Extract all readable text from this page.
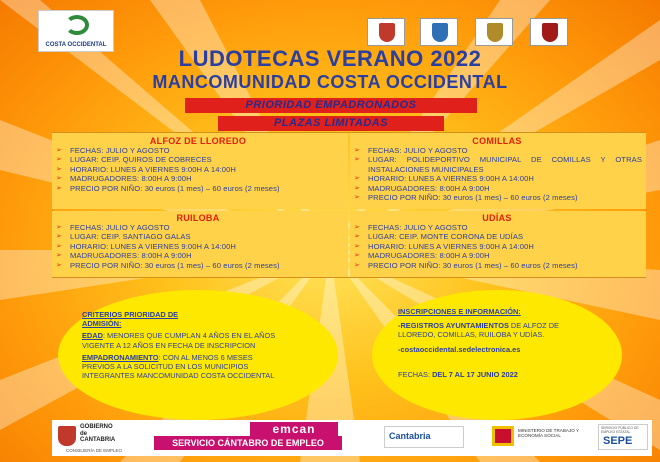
COSTA OCCIDENTAL
LUDOTECAS VERANO 2022
MANCOMUNIDAD COSTA OCCIDENTAL
PRIORIDAD EMPADRONADOS
PLAZAS LIMITADAS
ALFOZ DE LLOREDO
➢ FECHAS: JULIO Y AGOSTO
➢ LUGAR: CEIP. QUIROS DE COBRECES
➢ HORARIO: LUNES A VIERNES 9:00H A 14:00H
➢ MADRUGADORES: 8:00H A 9:00H
➢ PRECIO POR NIÑO: 30 euros (1 mes) – 60 euros (2 meses)
COMILLAS
➢ FECHAS: JULIO Y AGOSTO
➢ LUGAR: POLIDEPORTIVO MUNICIPAL DE COMILLAS Y OTRAS INSTALACIONES MUNICIPALES
➢ HORARIO: LUNES A VIERNES 9:00H A 14:00H
➢ MADRUGADORES: 8:00H A 9:00H
➢ PRECIO POR NIÑO: 30 euros (1 mes) – 60 euros (2 meses)
RUILOBA
➢ FECHAS: JULIO Y AGOSTO
➢ LUGAR: CEIP. SANTIAGO GALAS
➢ HORARIO: LUNES A VIERNES 9:00H A 14:00H
➢ MADRUGADORES: 8:00H A 9:00H
➢ PRECIO POR NIÑO: 30 euros (1 mes) – 60 euros (2 meses)
UDÍAS
➢ FECHAS: JULIO Y AGOSTO
➢ LUGAR: CEIP. MONTE CORONA DE UDÍAS
➢ HORARIO: LUNES A VIERNES 9:00H A 14:00H
➢ MADRUGADORES: 8:00H A 9:00H
➢ PRECIO POR NIÑO: 30 euros (1 mes) – 60 euros (2 meses)
CRITERIOS PRIORIDAD DE ADMISIÓN:
EDAD: MENORES QUE CUMPLAN 4 AÑOS EN EL AÑOS VIGENTE A 12 AÑOS EN FECHA DE INSCRIPCION
EMPADRONAMIENTO: CON AL MENOS 6 MESES PREVIOS A LA SOLICITUD EN LOS MUNICIPIOS INTEGRANTES MANCOMUNIDAD COSTA OCCIDENTAL
INSCRIPCIONES E INFORMACIÓN:
-REGISTROS AYUNTAMIENTOS DE ALFOZ DE LLOREDO, COMILLAS, RUILOBA Y UDÍAS.
-costaoccidental.sedelectronica.es
FECHAS: DEL 7 AL 17 JUNIO 2022
GOBIERNO
de
CANTABRIA
CONSEJERÍA DE EMPLEO
emcan
SERVICIO CÁNTABRO DE EMPLEO
Cantabria
MINISTERIO DE TRABAJO Y ECONOMÍA SOCIAL
SERVICIO PÚBLICO DE EMPLEO ESTATAL
SEPE
